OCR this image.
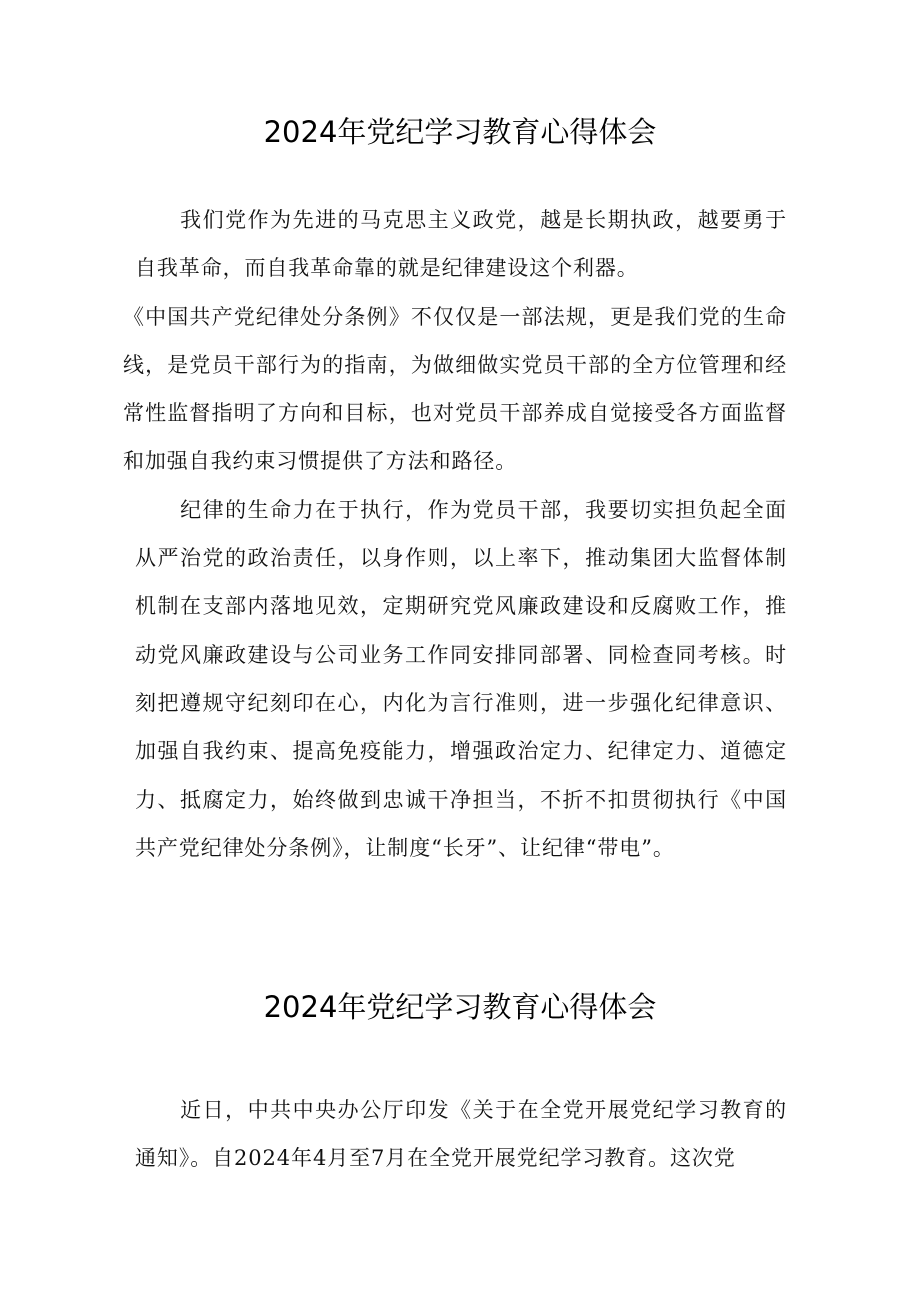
2024年党纪学习教育心得体会

我们党作为先进的马克思主义政党，越是长期执政，越要勇于自我革命，而自我革命靠的就是纪律建设这个利器。

《中国共产党纪律处分条例》不仅仅是一部法规，更是我们党的生命线，是党员干部行为的指南，为做细做实党员干部的全方位管理和经常性监督指明了方向和目标，也对党员干部养成自觉接受各方面监督和加强自我约束习惯提供了方法和路径。

纪律的生命力在于执行，作为党员干部，我要切实担负起全面从严治党的政治责任，以身作则，以上率下，推动集团大监督体制机制在支部内落地见效，定期研究党风廉政建设和反腐败工作，推动党风廉政建设与公司业务工作同安排同部署、同检查同考核。时刻把遵规守纪刻印在心，内化为言行准则，进一步强化纪律意识、加强自我约束、提高免疫能力，增强政治定力、纪律定力、道德定力、抵腐定力，始终做到忠诚干净担当，不折不扣贯彻执行《中国共产党纪律处分条例》，让制度“长牙”、让纪律“带电”。

2024年党纪学习教育心得体会

近日，中共中央办公厅印发《关于在全党开展党纪学习教育的通知》。自2024年4月至7月在全党开展党纪学习教育。这次党
